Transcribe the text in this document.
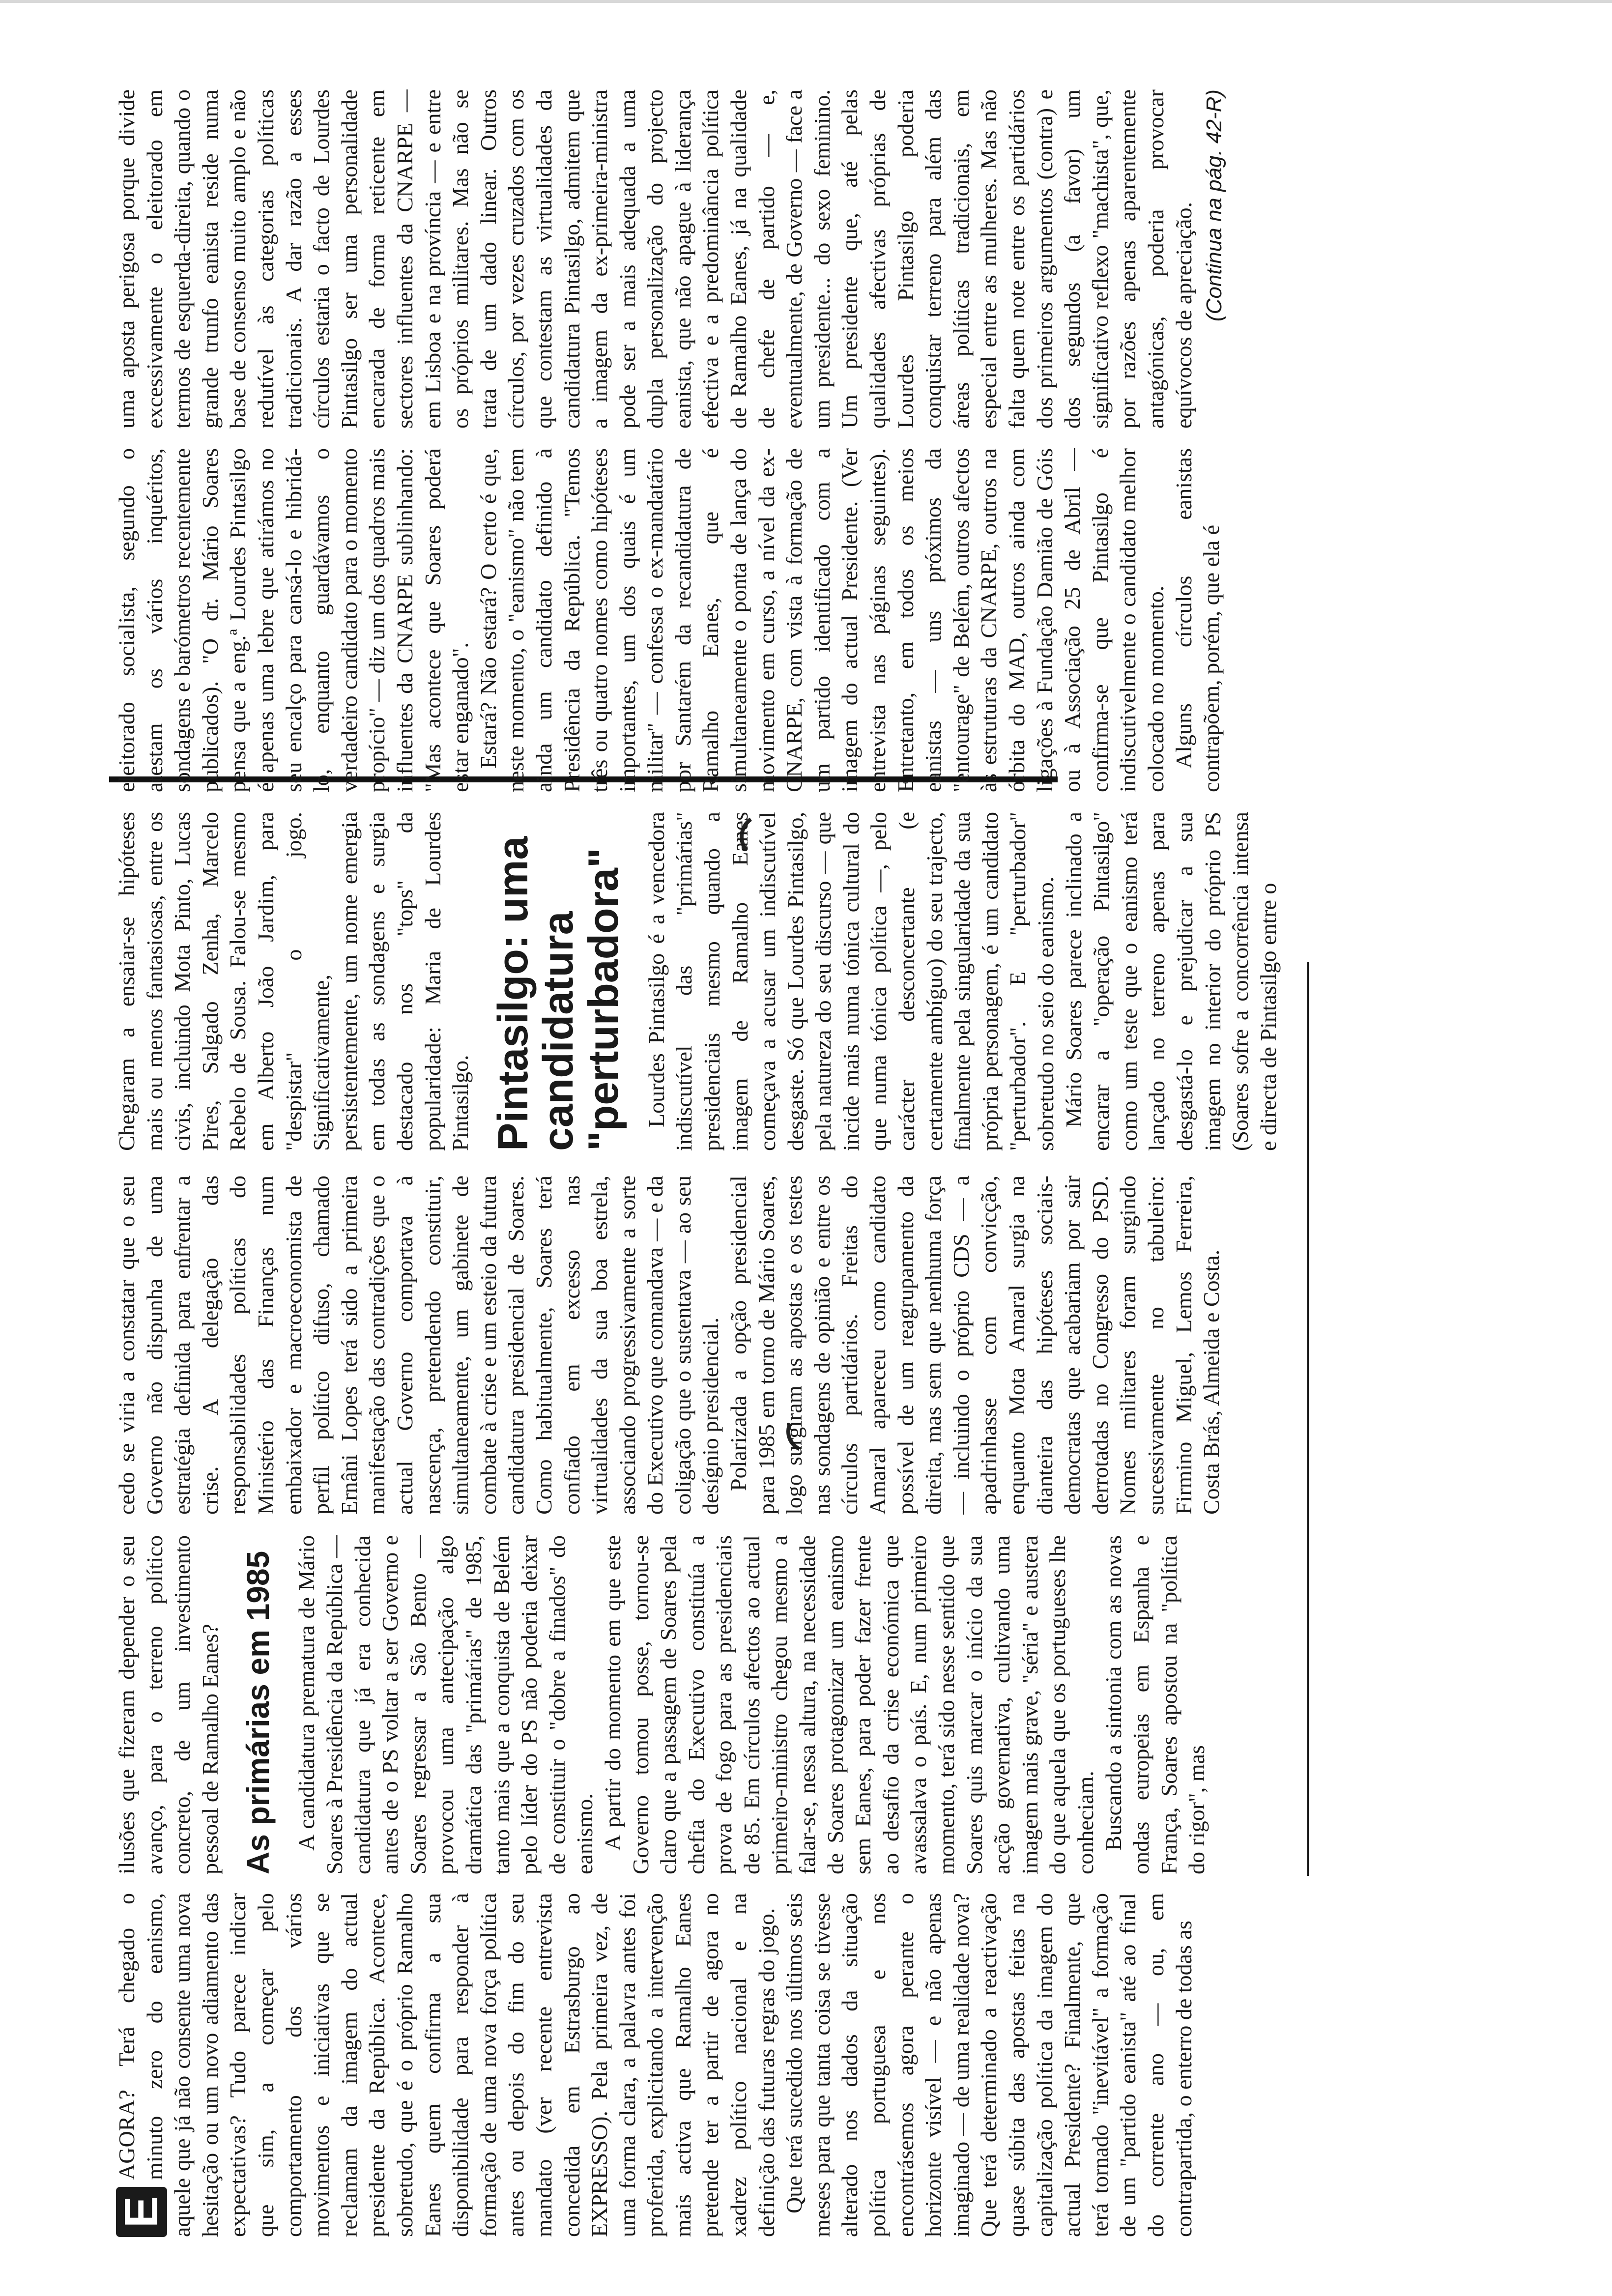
E

AGORA? Terá chegado o minuto zero do eanismo, aquele que já não consente uma nova hesitação ou um novo adiamento das expectativas? Tudo parece indicar que sim, a começar pelo comportamento dos vários movimentos e iniciativas que se reclamam da imagem do actual presidente da República. Acontece, sobretudo, que é o próprio Ramalho Eanes quem confirma a sua disponibilidade para responder à formação de uma nova força política antes ou depois do fim do seu mandato (ver recente entrevista concedida em Estrasburgo ao EXPRESSO). Pela primeira vez, de uma forma clara, a palavra antes foi proferida, explicitando a intervenção mais activa que Ramalho Eanes pretende ter a partir de agora no xadrez político nacional e na definição das futuras regras do jogo. Que terá sucedido nos últimos seis meses para que tanta coisa se tivesse alterado nos dados da situação política portuguesa e nos encontrásemos agora perante o horizonte visível — e não apenas imaginado — de uma realidade nova? Que terá determinado a reactivação quase súbita das apostas feitas na capitalização política da imagem do actual Presidente? Finalmente, que terá tornado "inevitável" a formação de um "partido eanista" até ao final do corrente ano — ou, em contrapartida, o enterro de todas as

ilusões que fizeram depender o seu avanço, para o terreno político concreto, de um investimento pessoal de Ramalho Eanes? As primárias em 1985 A candidatura prematura de Mário Soares à Presidência da República — candidatura que já era conhecida antes de o PS voltar a ser Governo e Soares regressar a São Bento — provocou uma antecipação algo dramática das "primárias" de 1985, tanto mais que a conquista de Belém pelo líder do PS não poderia deixar de constituir o "dobre a finados" do eanismo. A partir do momento em que este Governo tomou posse, tornou-se claro que a passagem de Soares pela chefia do Executivo constituía a prova de fogo para as presidenciais de 85. Em círculos afectos ao actual primeiro-ministro chegou mesmo a falar-se, nessa altura, na necessidade de Soares protagonizar um eanismo sem Eanes, para poder fazer frente ao desafio da crise económica que avassalava o país. E, num primeiro momento, terá sido nesse sentido que Soares quis marcar o início da sua acção governativa, cultivando uma imagem mais grave, "séria" e austera do que aquela que os portugueses lhe conheciam. Buscando a sintonia com as novas ondas europeias em Espanha e França, Soares apostou na "política do rigor", mas

cedo se viria a constatar que o seu Governo não dispunha de uma estratégia definida para enfrentar a crise. A delegação das responsabilidades políticas do Ministério das Finanças num embaixador e macroeconomista de perfil político difuso, chamado Ernâni Lopes terá sido a primeira manifestação das contradições que o actual Governo comportava à nascença, pretendendo constituir, simultaneamente, um gabinete de combate à crise e um esteio da futura candidatura presidencial de Soares. Como habitualmente, Soares terá confiado em excesso nas virtualidades da sua boa estrela, associando progressivamente a sorte do Executivo que comandava — e da coligação que o sustentava — ao seu desígnio presidencial. Polarizada a opção presidencial para 1985 em torno de Mário Soares, logo surgiram as apostas e os testes nas sondagens de opinião e entre os círculos partidários. Freitas do Amaral apareceu como candidato possível de um reagrupamento da direita, mas sem que nenhuma força — incluindo o próprio CDS — a apadrinhasse com convicção, enquanto Mota Amaral surgia na dianteira das hipóteses sociais-democratas que acabariam por sair derrotadas no Congresso do PSD. Nomes militares foram surgindo sucessivamente no tabuleiro: Firmino Miguel, Lemos Ferreira, Costa Brás, Almeida e Costa.

Chegaram a ensaiar-se hipóteses mais ou menos fantasiosas, entre os civis, incluindo Mota Pinto, Lucas Pires, Salgado Zenha, Marcelo Rebelo de Sousa. Falou-se mesmo em Alberto João Jardim, para "despistar" o jogo. Significativamente, persistentemente, um nome emergia em todas as sondagens e surgia destacado nos "tops" da popularidade: Maria de Lourdes Pintasilgo. Pintasilgo: uma candidatura "perturbadora" Lourdes Pintasilgo é a vencedora indiscutível das "primárias" presidenciais mesmo quando a imagem de Ramalho Eanes começava a acusar um indiscutível desgaste. Só que Lourdes Pintasilgo, pela natureza do seu discurso — que incide mais numa tónica cultural do que numa tónica política —, pelo carácter desconcertante (e certamente ambíguo) do seu trajecto, finalmente pela singularidade da sua própria personagem, é um candidato "perturbador". E "perturbador" sobretudo no seio do eanismo. Mário Soares parece inclinado a encarar a "operação Pintasilgo" como um teste que o eanismo terá lançado no terreno apenas para desgastá-lo e prejudicar a sua imagem no interior do próprio PS (Soares sofre a concorrência intensa e directa de Pintasilgo entre o

eleitorado socialista, segundo o atestam os vários inquéritos, sondagens e barómetros recentemente publicados). "O dr. Mário Soares pensa que a eng.ª Lourdes Pintasilgo é apenas uma lebre que atirámos no seu encalço para cansá-lo e hibridá-lo, enquanto guardávamos o verdadeiro candidato para o momento propício" — diz um dos quadros mais influentes da CNARPE sublinhando: "Mas acontece que Soares poderá estar enganado". Estará? Não estará? O certo é que, neste momento, o "eanismo" não tem ainda um candidato definido à Presidência da República. "Temos três ou quatro nomes como hipóteses importantes, um dos quais é um militar" — confessa o ex-mandatário por Santarém da recandidatura de Ramalho Eanes, que é simultaneamente o ponta de lança do movimento em curso, a nível da ex-CNARPE, com vista à formação de um partido identificado com a imagem do actual Presidente. (Ver entrevista nas páginas seguintes). Entretanto, em todos os meios eanistas — uns próximos da "entourage" de Belém, outros afectos às estruturas da CNARPE, outros na órbita do MAD, outros ainda com ligações à Fundação Damião de Góis ou à Associação 25 de Abril — confirma-se que Pintasilgo é indiscutivelmente o candidato melhor colocado no momento. Alguns círculos eanistas contrapõem, porém, que ela é

uma aposta perigosa porque divide excessivamente o eleitorado em termos de esquerda-direita, quando o grande trunfo eanista reside numa base de consenso muito amplo e não redutível às categorias políticas tradicionais. A dar razão a esses círculos estaria o facto de Lourdes Pintasilgo ser uma personalidade encarada de forma reticente em sectores influentes da CNARPE — em Lisboa e na província — e entre os próprios militares. Mas não se trata de um dado linear. Outros círculos, por vezes cruzados com os que contestam as virtualidades da candidatura Pintasilgo, admitem que a imagem da ex-primeira-ministra pode ser a mais adequada a uma dupla personalização do projecto eanista, que não apague à liderança efectiva e a predominância política de Ramalho Eanes, já na qualidade de chefe de partido — e, eventualmente, de Governo — face a um presidente... do sexo feminino. Um presidente que, até pelas qualidades afectivas próprias de Lourdes Pintasilgo poderia conquistar terreno para além das áreas políticas tradicionais, em especial entre as mulheres. Mas não falta quem note entre os partidários dos primeiros argumentos (contra) e dos segundos (a favor) um significativo reflexo "machista", que, por razões apenas aparentemente antagónicas, poderia provocar equívocos de apreciação. (Continua na pág. 42-R)
